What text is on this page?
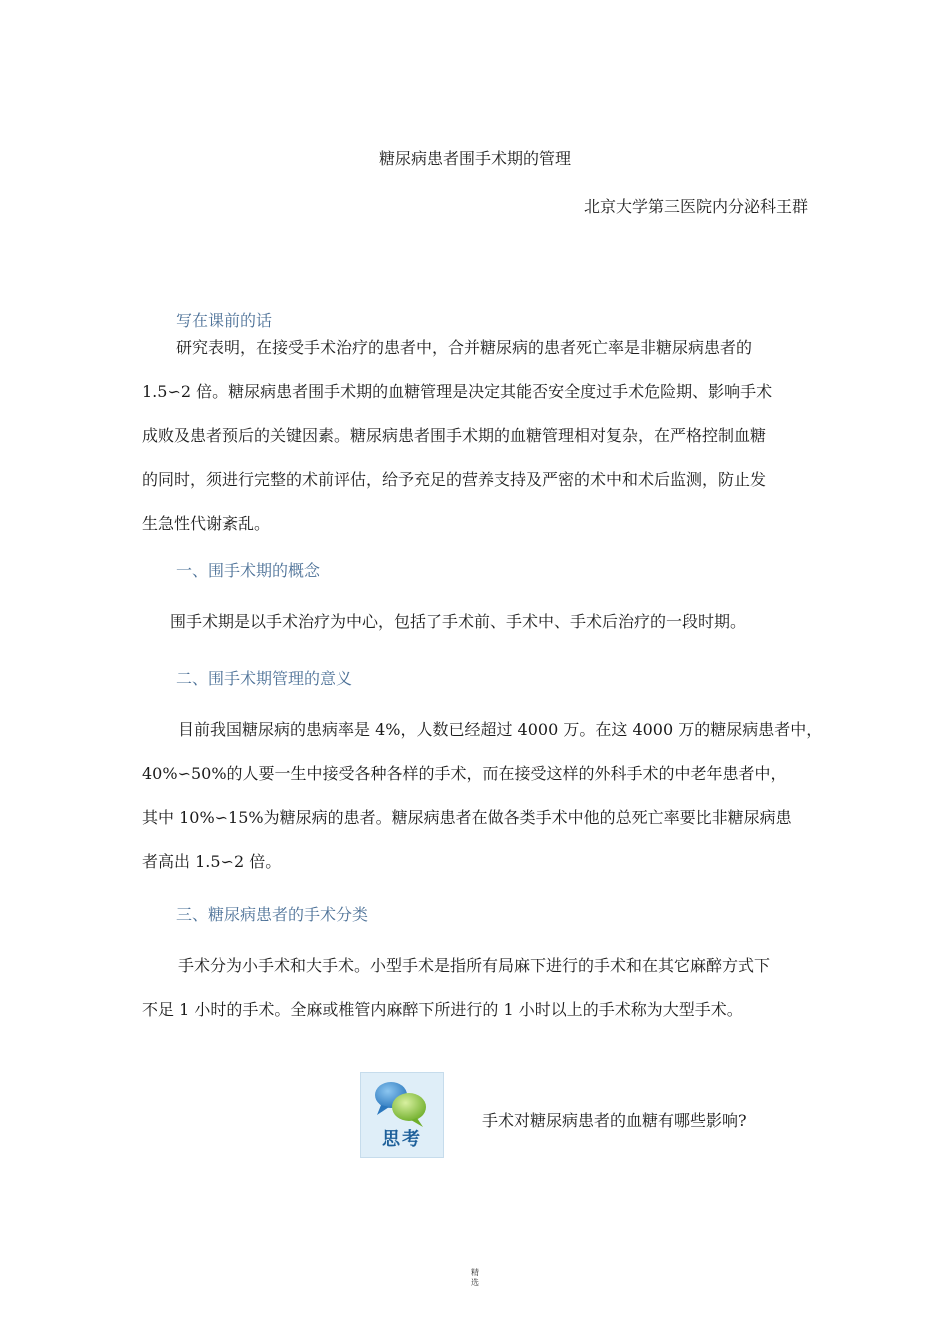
糖尿病患者围手术期的管理
北京大学第三医院内分泌科王群
写在课前的话
研究表明，在接受手术治疗的患者中，合并糖尿病的患者死亡率是非糖尿病患者的
1.5∽2 倍。糖尿病患者围手术期的血糖管理是决定其能否安全度过手术危险期、影响手术
成败及患者预后的关键因素。糖尿病患者围手术期的血糖管理相对复杂，在严格控制血糖
的同时，须进行完整的术前评估，给予充足的营养支持及严密的术中和术后监测，防止发
生急性代谢紊乱。
一、围手术期的概念
围手术期是以手术治疗为中心，包括了手术前、手术中、手术后治疗的一段时期。
二、围手术期管理的意义
目前我国糖尿病的患病率是 4%，人数已经超过 4000 万。在这 4000 万的糖尿病患者中，
40%∽50%的人要一生中接受各种各样的手术，而在接受这样的外科手术的中老年患者中，
其中 10%∽15%为糖尿病的患者。糖尿病患者在做各类手术中他的总死亡率要比非糖尿病患
者高出 1.5∽2 倍。
三、糖尿病患者的手术分类
手术分为小手术和大手术。小型手术是指所有局麻下进行的手术和在其它麻醉方式下
不足 1 小时的手术。全麻或椎管内麻醉下所进行的 1 小时以上的手术称为大型手术。
思考
手术对糖尿病患者的血糖有哪些影响?
精
选
